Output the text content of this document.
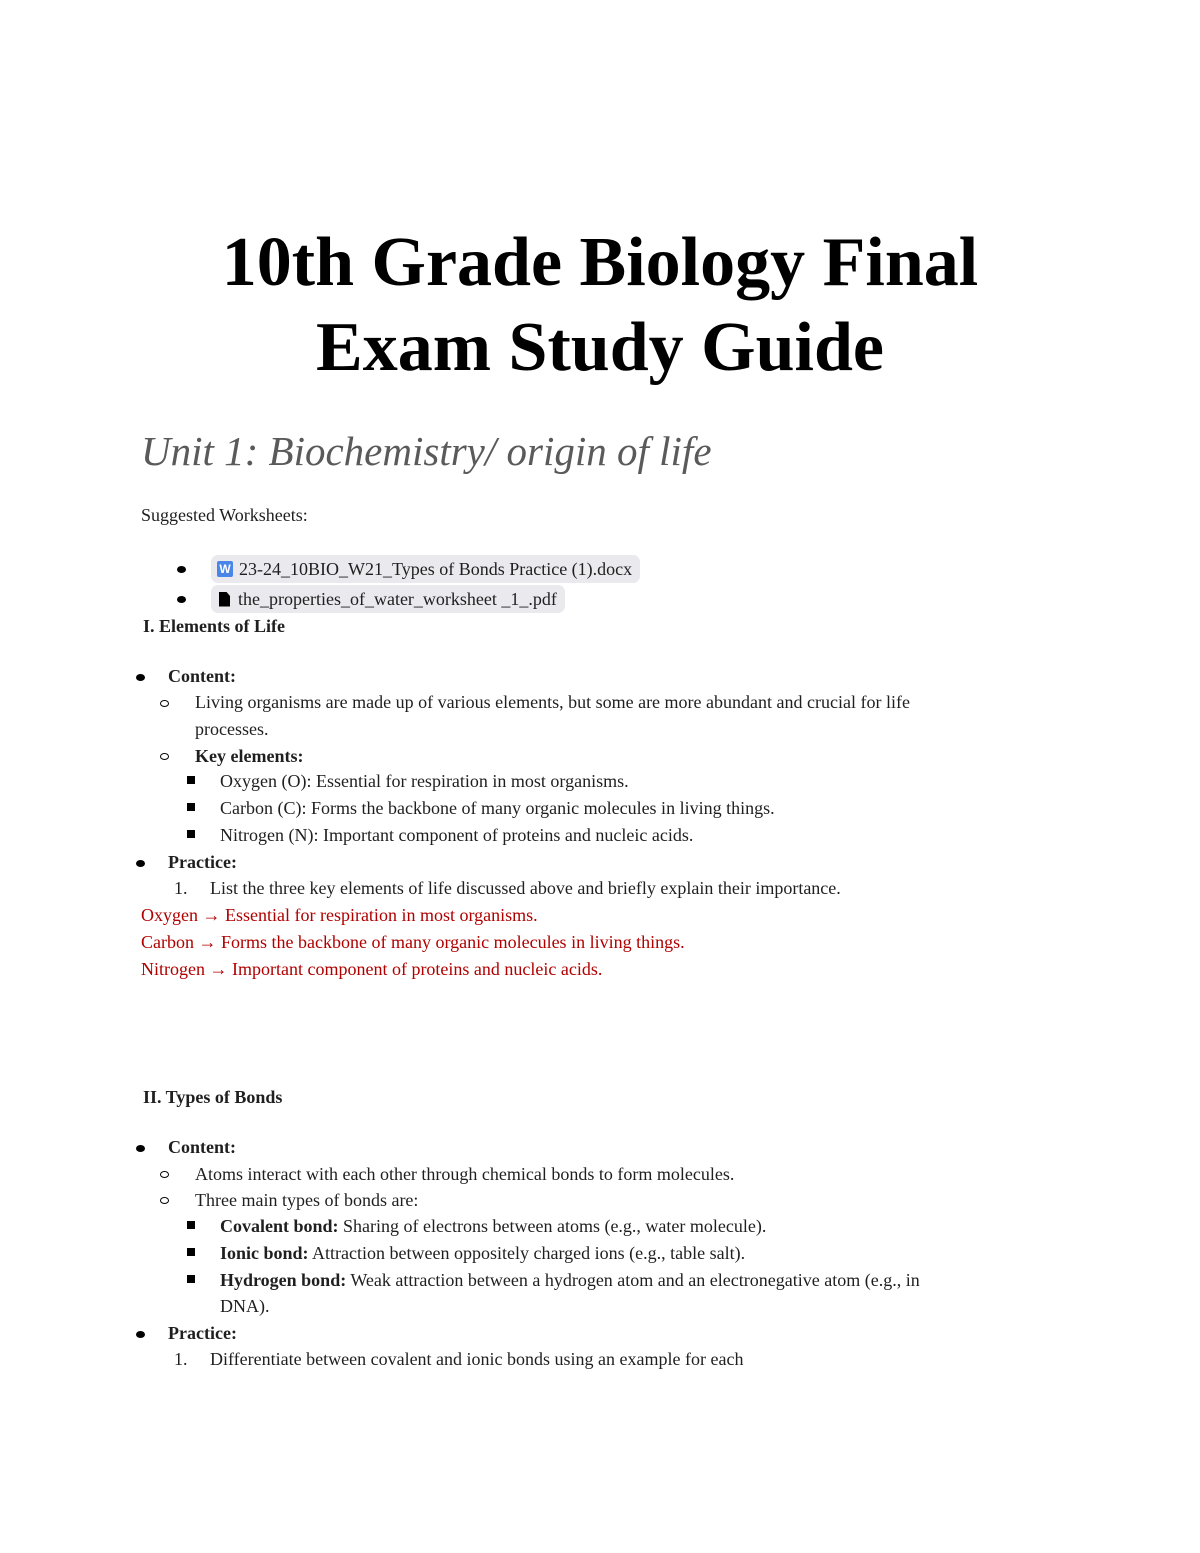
10th Grade Biology Final
Exam Study Guide
Unit 1: Biochemistry/ origin of life
Suggested Worksheets:
W 23-24_10BIO_W21_Types of Bonds Practice (1).docx
the_properties_of_water_worksheet _1_.pdf
I. Elements of Life
Content:
Living organisms are made up of various elements, but some are more abundant and crucial for life
processes.
Key elements:
Oxygen (O): Essential for respiration in most organisms.
Carbon (C): Forms the backbone of many organic molecules in living things.
Nitrogen (N): Important component of proteins and nucleic acids.
Practice:
1. List the three key elements of life discussed above and briefly explain their importance.
Oxygen → Essential for respiration in most organisms.
Carbon → Forms the backbone of many organic molecules in living things.
Nitrogen → Important component of proteins and nucleic acids.
II. Types of Bonds
Content:
Atoms interact with each other through chemical bonds to form molecules.
Three main types of bonds are:
Covalent bond: Sharing of electrons between atoms (e.g., water molecule).
Ionic bond: Attraction between oppositely charged ions (e.g., table salt).
Hydrogen bond: Weak attraction between a hydrogen atom and an electronegative atom (e.g., in
DNA).
Practice:
1. Differentiate between covalent and ionic bonds using an example for each
